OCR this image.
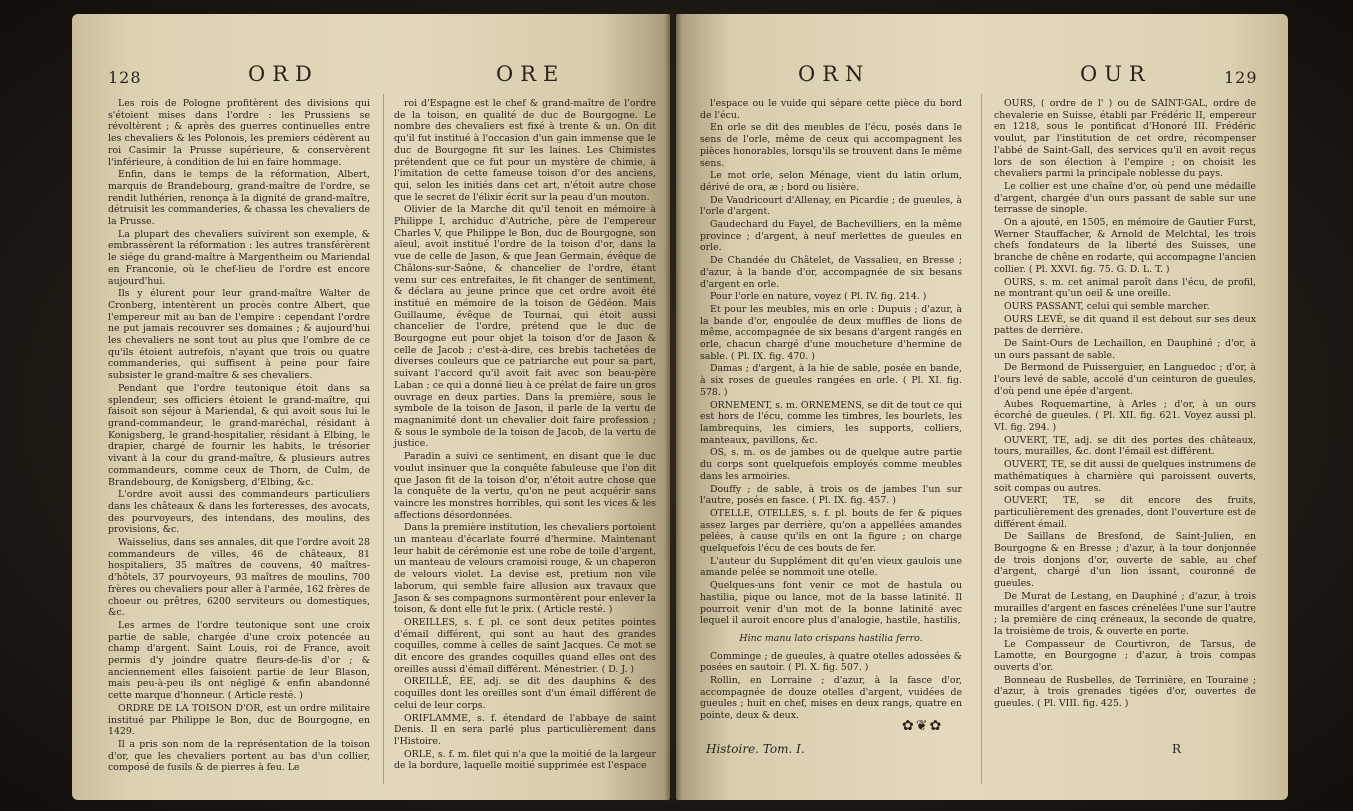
128	ORD	ORE

Les rois de Pologne profitèrent des divisions qui s'étoient mises dans l'ordre : les Prussiens se révoltèrent ; & après des guerres continuelles entre les chevaliers & les Polonois, les premiers cédèrent au roi Casimir la Prusse supérieure, & conservèrent l'inférieure, à condition de lui en faire hommage.

Enfin, dans le temps de la réformation, Albert, marquis de Brandebourg, grand-maître de l'ordre, se rendit luthérien, renonça à la dignité de grand-maître, détruisit les commanderies, & chassa les chevaliers de la Prusse.

La plupart des chevaliers suivirent son exemple, & embrassèrent la réformation : les autres transférèrent le siége du grand-maître à Margentheim ou Mariendal en Franconie, où le chef-lieu de l'ordre est encore aujourd'hui.

Ils y élurent pour leur grand-maître Walter de Cronberg, intentèrent un procès contre Albert, que l'empereur mit au ban de l'empire : cependant l'ordre ne put jamais recouvrer ses domaines ; & aujourd'hui les chevaliers ne sont tout au plus que l'ombre de ce qu'ils étoient autrefois, n'ayant que trois ou quatre commanderies, qui suffisent à peine pour faire subsister le grand-maître & ses chevaliers.

Pendant que l'ordre teutonique étoit dans sa splendeur, ses officiers étoient le grand-maître, qui faisoit son séjour à Mariendal, & qui avoit sous lui le grand-commandeur, le grand-maréchal, résidant à Konigsberg, le grand-hospitalier, résidant à Elbing, le drapier, chargé de fournir les habits, le trésorier vivant à la cour du grand-maître, & plusieurs autres commandeurs, comme ceux de Thorn, de Culm, de Brandebourg, de Konigsberg, d'Elbing, &c.

L'ordre avoit aussi des commandeurs particuliers dans les châteaux & dans les forteresses, des avocats, des pourvoyeurs, des intendans, des moulins, des provisions, &c.

Waisselius, dans ses annales, dit que l'ordre avoit 28 commandeurs de villes, 46 de châteaux, 81 hospitaliers, 35 maîtres de couvens, 40 maîtres-d'hôtels, 37 pourvoyeurs, 93 maîtres de moulins, 700 frères ou chevaliers pour aller à l'armée, 162 frères de choeur ou prêtres, 6200 serviteurs ou domestiques, &c.

Les armes de l'ordre teutonique sont une croix partie de sable, chargée d'une croix potencée au champ d'argent. Saint Louis, roi de France, avoit permis d'y joindre quatre fleurs-de-lis d'or ; & anciennement elles faisoient partie de leur Blason, mais peu-à-peu ils ont négligé & enfin abandonné cette marque d'honneur. ( Article resté. )

ORDRE DE LA TOISON D'OR, est un ordre militaire institué par Philippe le Bon, duc de Bourgogne, en 1429.

Il a pris son nom de la représentation de la toison d'or, que les chevaliers portent au bas d'un collier, composé de fusils & de pierres à feu. Le

roi d'Espagne est le chef & grand-maître de l'ordre de la toison, en qualité de duc de Bourgogne. Le nombre des chevaliers est fixé à trente & un. On dit qu'il fut institué à l'occasion d'un gain immense que le duc de Bourgogne fit sur les laines. Les Chimistes prétendent que ce fut pour un mystère de chimie, à l'imitation de cette fameuse toison d'or des anciens, qui, selon les initiés dans cet art, n'étoit autre chose que le secret de l'élixir écrit sur la peau d'un mouton.

Olivier de la Marche dit qu'il tenoit en mémoire à Philippe I, archiduc d'Autriche, père de l'empereur Charles V, que Philippe le Bon, duc de Bourgogne, son aïeul, avoit institué l'ordre de la toison d'or, dans la vue de celle de Jason, & que Jean Germain, évêque de Châlons-sur-Saône, & chancelier de l'ordre, étant venu sur ces entrefaites, le fit changer de sentiment, & déclara au jeune prince que cet ordre avoit été institué en mémoire de la toison de Gédéon. Mais Guillaume, évêque de Tournai, qui étoit aussi chancelier de l'ordre, prétend que le duc de Bourgogne eut pour objet la toison d'or de Jason & celle de Jacob ; c'est-à-dire, ces brebis tachetées de diverses couleurs que ce patriarche eut pour sa part, suivant l'accord qu'il avoit fait avec son beau-père Laban ; ce qui a donné lieu à ce prélat de faire un gros ouvrage en deux parties. Dans la première, sous le symbole de la toison de Jason, il parle de la vertu de magnanimité dont un chevalier doit faire profession ; & sous le symbole de la toison de Jacob, de la vertu de justice.

Paradin a suivi ce sentiment, en disant que le duc voulut insinuer que la conquête fabuleuse que l'on dit que Jason fit de la toison d'or, n'étoit autre chose que la conquête de la vertu, qu'on ne peut acquérir sans vaincre les monstres horribles, qui sont les vices & les affections désordonnées.

Dans la première institution, les chevaliers portoient un manteau d'écarlate fourré d'hermine. Maintenant leur habit de cérémonie est une robe de toile d'argent, un manteau de velours cramoisi rouge, & un chaperon de velours violet. La devise est, pretium non vile laborum, qui semble faire allusion aux travaux que Jason & ses compagnons surmontèrent pour enlever la toison, & dont elle fut le prix. ( Article resté. )

OREILLES, s. f. pl. ce sont deux petites pointes d'émail différent, qui sont au haut des grandes coquilles, comme à celles de saint Jacques. Ce mot se dit encore des grandes coquilles quand elles ont des oreilles aussi d'émail différent. Ménestrier. ( D. J. )

OREILLÉ, ÉE, adj. se dit des dauphins & des coquilles dont les oreilles sont d'un émail différent de celui de leur corps.

ORIFLAMME, s. f. étendard de l'abbaye de saint Denis. Il en sera parlé plus particulièrement dans l'Histoire.

ORLE, s. f. m. filet qui n'a que la moitié de la largeur de la bordure, laquelle moitié supprimée est l'espace

ORN	OUR	129

l'espace ou le vuide qui sépare cette pièce du bord de l'écu.

En orle se dit des meubles de l'écu, posés dans le sens de l'orle, même de ceux qui accompagnent les pièces honorables, lorsqu'ils se trouvent dans le même sens.

Le mot orle, selon Ménage, vient du latin orlum, dérivé de ora, æ ; bord ou lisière.

De Vaudricourt d'Allenay, en Picardie ; de gueules, à l'orle d'argent.

Gaudechard du Fayel, de Bachevilliers, en la même province ; d'argent, à neuf merlettes de gueules en orle.

De Chandée du Châtelet, de Vassalieu, en Bresse ; d'azur, à la bande d'or, accompagnée de six besans d'argent en orle.

Pour l'orle en nature, voyez ( Pl. IV. fig. 214. )

Et pour les meubles, mis en orle : Dupuis ; d'azur, à la bande d'or, engoulée de deux muffles de lions de même, accompagnée de six besans d'argent rangés en orle, chacun chargé d'une moucheture d'hermine de sable. ( Pl. IX. fig. 470. )

Damas ; d'argent, à la hie de sable, posée en bande, à six roses de gueules rangées en orle. ( Pl. XI. fig. 578. )

ORNEMENT, s. m. ORNEMENS, se dit de tout ce qui est hors de l'écu, comme les timbres, les bourlets, les lambrequins, les cimiers, les supports, colliers, manteaux, pavillons, &c.

OS, s. m. os de jambes ou de quelque autre partie du corps sont quelquefois employés comme meubles dans les armoiries.

Douffy ; de sable, à trois os de jambes l'un sur l'autre, posés en fasce. ( Pl. IX. fig. 457. )

OTELLE, OTELLES, s. f. pl. bouts de fer & piques assez larges par derrière, qu'on a appellées amandes pelées, à cause qu'ils en ont la figure ; on charge quelquefois l'écu de ces bouts de fer.

L'auteur du Supplément dit qu'en vieux gaulois une amande pelée se nommoit une otelle.

Quelques-uns font venir ce mot de hastula ou hastilia, pique ou lance, mot de la basse latinité. Il pourroit venir d'un mot de la bonne latinité avec lequel il auroit encore plus d'analogie, hastile, hastilis,

Hinc manu lato crispans hastilia ferro.

Comminge ; de gueules, à quatre otelles adossées & posées en sautoir. ( Pl. X. fig. 507. )

Rollin, en Lorraine ; d'azur, à la fasce d'or, accompagnée de douze otelles d'argent, vuidées de gueules ; huit en chef, mises en deux rangs, quatre en pointe, deux & deux.

OURS, ( ordre de l' ) ou de SAINT-GAL, ordre de chevalerie en Suisse, établi par Frédéric II, empereur en 1218, sous le pontificat d'Honoré III. Frédéric voulut, par l'institution de cet ordre, récompenser l'abbé de Saint-Gall, des services qu'il en avoit reçus lors de son élection à l'empire ; on choisit les chevaliers parmi la principale noblesse du pays.

Le collier est une chaîne d'or, où pend une médaille d'argent, chargée d'un ours passant de sable sur une terrasse de sinople.

On a ajouté, en 1505, en mémoire de Gautier Furst, Werner Stauffacher, & Arnold de Melchtal, les trois chefs fondateurs de la liberté des Suisses, une branche de chêne en rodarte, qui accompagne l'ancien collier. ( Pl. XXVI. fig. 75. G. D. L. T. )

OURS, s. m. cet animal paroît dans l'écu, de profil, ne montrant qu'un oeil & une oreille.

OURS PASSANT, celui qui semble marcher.

OURS LEVÉ, se dit quand il est debout sur ses deux pattes de derrière.

De Saint-Ours de Lechaillon, en Dauphiné ; d'or, à un ours passant de sable.

De Bermond de Puisserguier, en Languedoc ; d'or, à l'ours levé de sable, accolé d'un ceinturon de gueules, d'où pend une épée d'argent.

Aubes Roquemartine, à Arles ; d'or, à un ours écorché de gueules. ( Pl. XII. fig. 621. Voyez aussi pl. VI. fig. 294. )

OUVERT, TE, adj. se dit des portes des châteaux, tours, murailles, &c. dont l'émail est différent.

OUVERT, TE, se dit aussi de quelques instrumens de mathématiques à charnière qui paroissent ouverts, soit compas ou autres.

OUVERT, TE, se dit encore des fruits, particulièrement des grenades, dont l'ouverture est de différent émail.

De Saillans de Bresfond, de Saint-Julien, en Bourgogne & en Bresse ; d'azur, à la tour donjonnée de trois donjons d'or, ouverte de sable, au chef d'argent, chargé d'un lion issant, couronné de gueules.

De Murat de Lestang, en Dauphiné ; d'azur, à trois murailles d'argent en fasces crénelées l'une sur l'autre ; la première de cinq créneaux, la seconde de quatre, la troisième de trois, & ouverte en porte.

Le Compasseur de Courtivron, de Tarsus, de Lamotte, en Bourgogne ; d'azur, à trois compas ouverts d'or.

Bonneau de Rusbelles, de Terrinière, en Touraine ; d'azur, à trois grenades tigées d'or, ouvertes de gueules. ( Pl. VIII. fig. 425. )

✿❦✿
Histoire. Tom. I.	R
